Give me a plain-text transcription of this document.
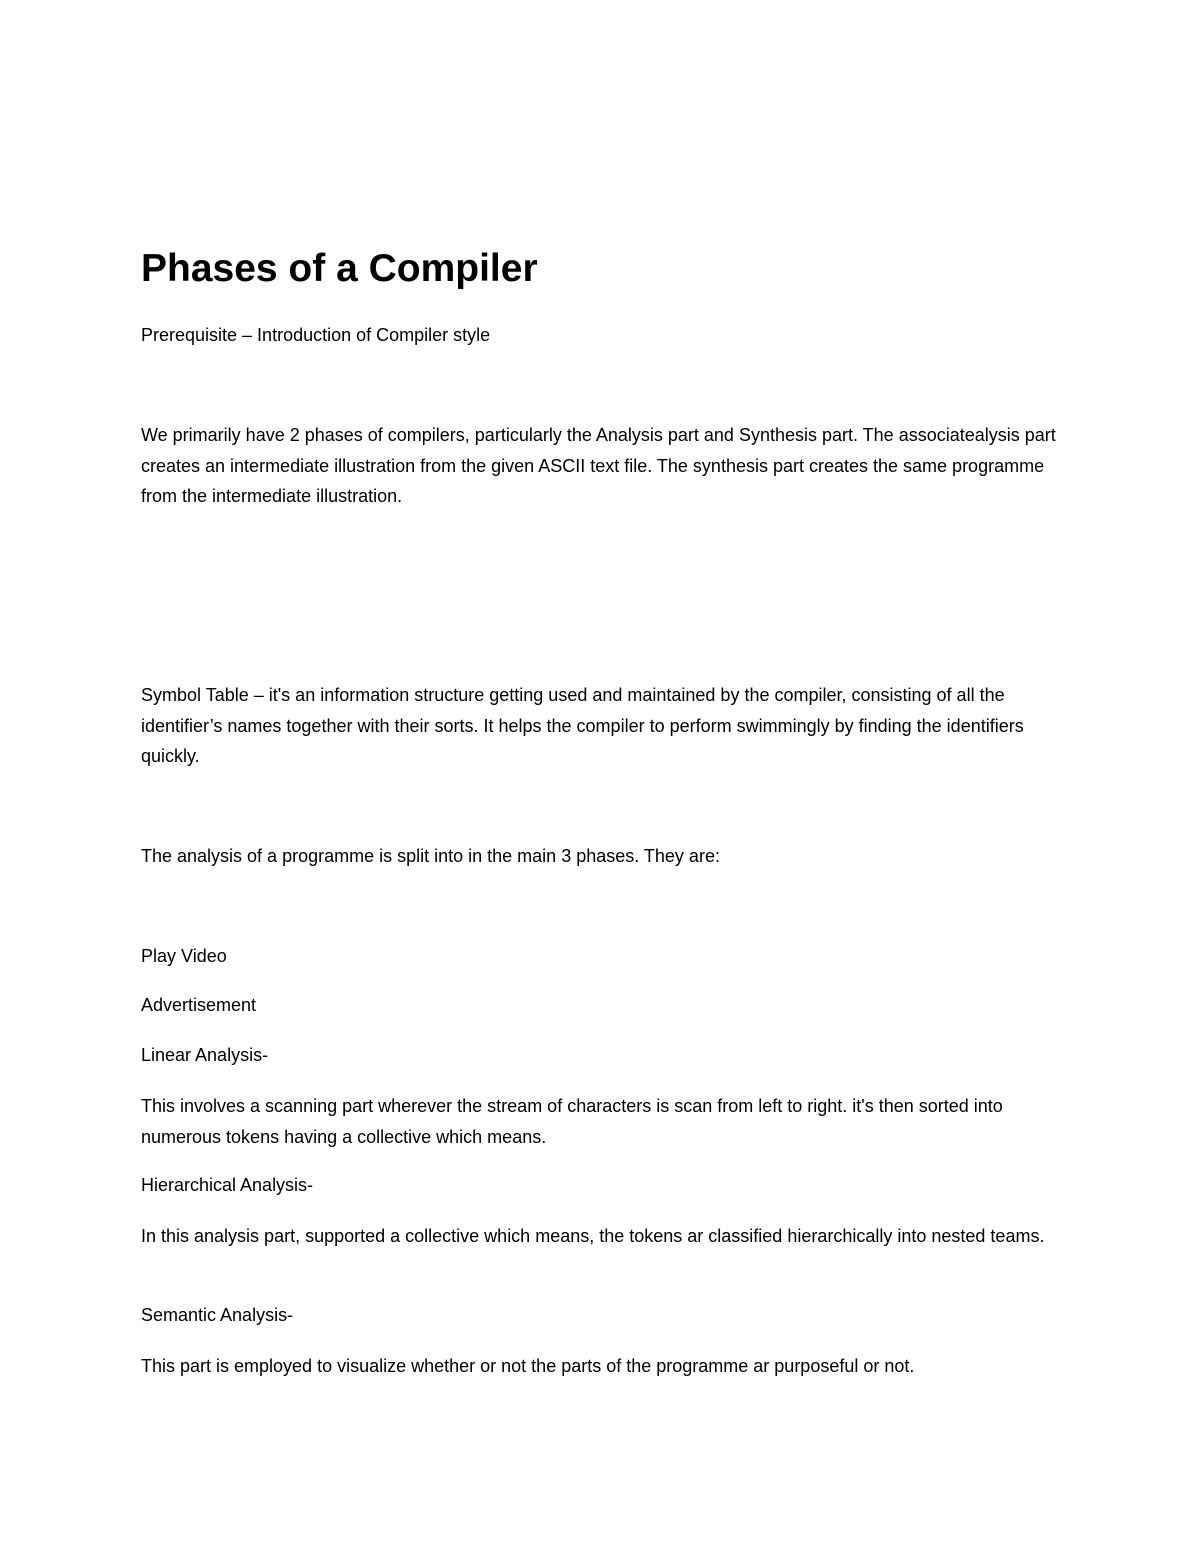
Phases of a Compiler

Prerequisite – Introduction of Compiler style

We primarily have 2 phases of compilers, particularly the Analysis part and Synthesis part. The associatealysis part creates an intermediate illustration from the given ASCII text file. The synthesis part creates the same programme from the intermediate illustration.

Symbol Table – it's an information structure getting used and maintained by the compiler, consisting of all the identifier’s names together with their sorts. It helps the compiler to perform swimmingly by finding the identifiers quickly.

The analysis of a programme is split into in the main 3 phases. They are:

Play Video

Advertisement

Linear Analysis-

This involves a scanning part wherever the stream of characters is scan from left to right. it's then sorted into numerous tokens having a collective which means.

Hierarchical Analysis-

In this analysis part, supported a collective which means, the tokens ar classified hierarchically into nested teams.

Semantic Analysis-

This part is employed to visualize whether or not the parts of the programme ar purposeful or not.
